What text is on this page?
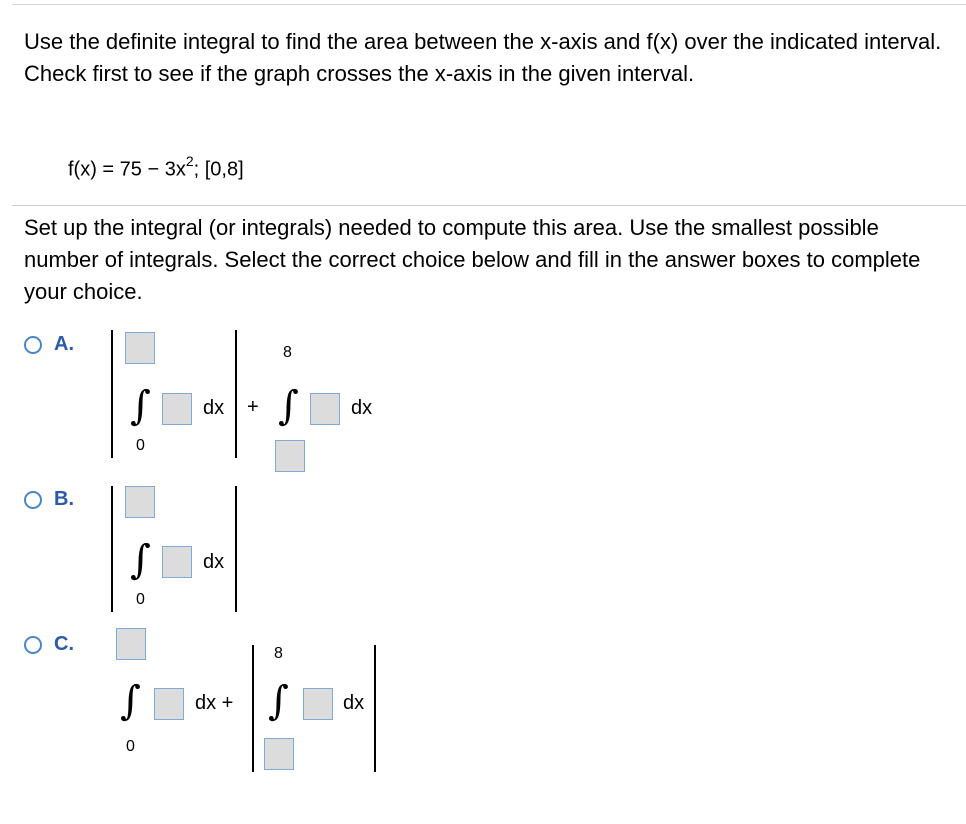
Use the definite integral to find the area between the x-axis and f(x) over the indicated interval. Check first to see if the graph crosses the x-axis in the given interval.
$f(x) = 75 - 3x^2$; [0,8]
Set up the integral (or integrals) needed to compute this area. Use the smallest possible number of integrals. Select the correct choice below and fill in the answer boxes to complete your choice.
A.
∫
0
dx +
8
∫	dx
B.
∫
0
dx
C.
∫
0
dx +
8
∫	dx
